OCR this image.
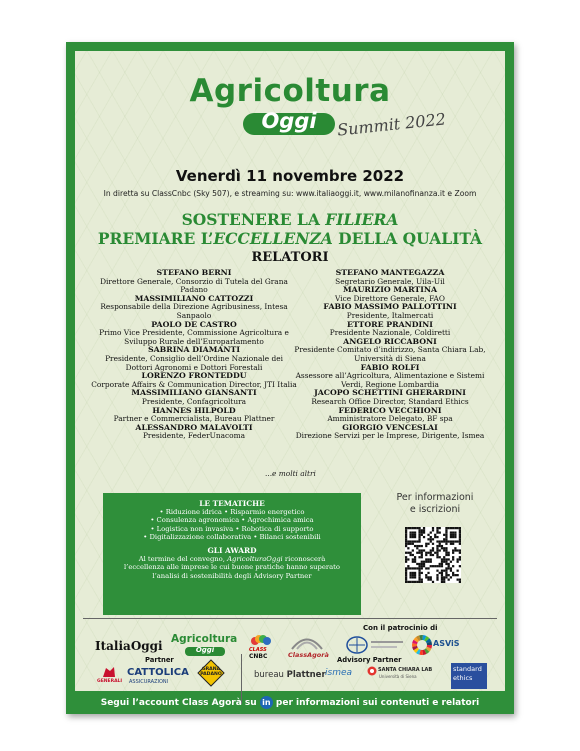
Agricoltura
Oggi	Summit 2022
Venerdì 11 novembre 2022
In diretta su ClassCnbc (Sky 507), e streaming su: www.italiaoggi.it, www.milanofinanza.it e Zoom
SOSTENERE LA FILIERA
PREMIARE L’ECCELLENZA DELLA QUALITÀ
RELATORI
STEFANO BERNI
Direttore Generale, Consorzio di Tutela del Grana Padano
MASSIMILIANO CATTOZZI
Responsabile della Direzione Agribusiness, Intesa Sanpaolo
PAOLO DE CASTRO
Primo Vice Presidente, Commissione Agricoltura e Sviluppo Rurale dell’Europarlamento
SABRINA DIAMANTI
Presidente, Consiglio dell’Ordine Nazionale dei Dottori Agronomi e Dottori Forestali
LORENZO FRONTEDDU
Corporate Affairs & Communication Director, JTI Italia
MASSIMILIANO GIANSANTI
Presidente, Confagricoltura
HANNES HILPOLD
Partner e Commercialista, Bureau Plattner
ALESSANDRO MALAVOLTI
Presidente, FederUnacoma
STEFANO MANTEGAZZA
Segretario Generale, Uila-Uil
MAURIZIO MARTINA
Vice Direttore Generale, FAO
FABIO MASSIMO PALLOTTINI
Presidente, Italmercati
ETTORE PRANDINI
Presidente Nazionale, Coldiretti
ANGELO RICCABONI
Presidente Comitato d’indirizzo, Santa Chiara Lab, Università di Siena
FABIO ROLFI
Assessore all’Agricoltura, Alimentazione e Sistemi Verdi, Regione Lombardia
JACOPO SCHETTINI GHERARDINI
Research Office Director, Standard Ethics
FEDERICO VECCHIONI
Amministratore Delegato, BF spa
GIORGIO VENCESLAI
Direzione Servizi per le Imprese, Dirigente, Ismea
...e molti altri
LE TEMATICHE
• Riduzione idrica • Risparmio energetico
• Consulenza agronomica • Agrochimica amica
• Logistica non invasiva • Robotica di supporto
• Digitalizzazione collaborativa • Bilanci sostenibili
GLI AWARD
Al termine del convegno, AgricolturaOggi riconoscerà
l’eccellenza alle imprese le cui buone pratiche hanno superato
l’analisi di sostenibilità degli Advisory Partner
Per informazioni
e iscrizioni
Con il patrocinio di
ItaliaOggi Agricoltura
Oggi	CLASS
CNBC	ClassAgorà
ASViS
Partner	Advisory Partner
GENERALI
CATTOLICA
ASSICURAZIONI
GRANA
PADANO	bureau Plattner ismea	SANTA CHIARA LAB
Università di Siena
standard
ethics
Segui l’account Class Agorà su in per informazioni sui contenuti e relatori
